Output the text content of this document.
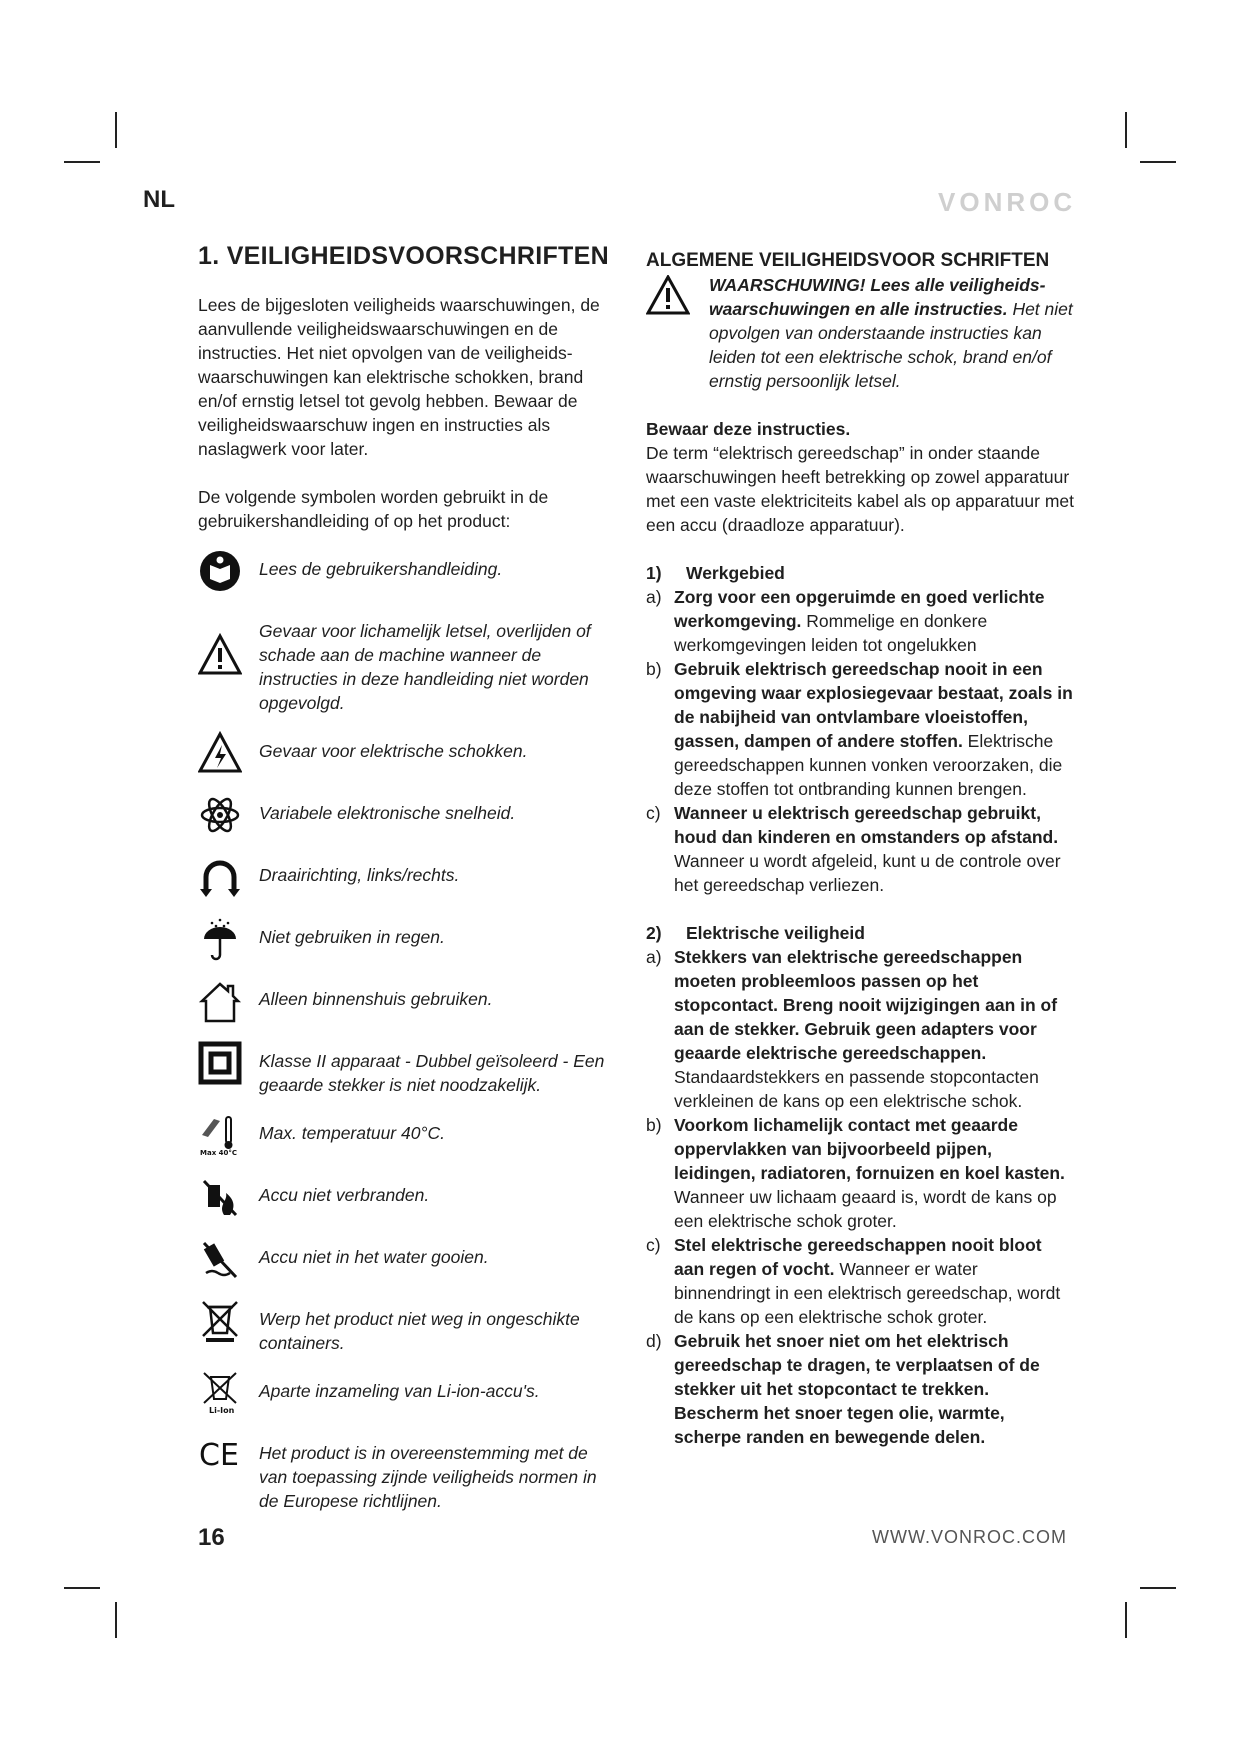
NL	VONROC
1. VEILIGHEIDSVOORSCHRIFTEN

Lees de bijgesloten veiligheids waarschuwingen, de aanvullende veiligheidswaarschuwingen en de instructies. Het niet opvolgen van de veiligheids-waarschuwingen kan elektrische schokken, brand en/of ernstig letsel tot gevolg hebben. Bewaar de veiligheidswaarschuw ingen en instructies als naslagwerk voor later.

De volgende symbolen worden gebruikt in de gebruikershandleiding of op het product:

Lees de gebruikershandleiding.
Gevaar voor lichamelijk letsel, overlijden of schade aan de machine wanneer de instructies in deze handleiding niet worden opgevolgd.
Gevaar voor elektrische schokken.
Variabele elektronische snelheid.
Draairichting, links/rechts.
Niet gebruiken in regen.
Alleen binnenshuis gebruiken.
Klasse II apparaat - Dubbel geïsoleerd - Een geaarde stekker is niet noodzakelijk.
Max 40°C
Max. temperatuur 40°C.
Accu niet verbranden.
Accu niet in het water gooien.
Werp het product niet weg in ongeschikte containers.
Li-Ion
Aparte inzameling van Li-ion-accu's.
CE Het product is in overeenstemming met de van toepassing zijnde veiligheids normen in de Europese richtlijnen.
ALGEMENE VEILIGHEIDSVOOR SCHRIFTEN
WAARSCHUWING! Lees alle veiligheids-waarschuwingen en alle instructies. Het niet opvolgen van onderstaande instructies kan leiden tot een elektrische schok, brand en/of ernstig persoonlijk letsel.

Bewaar deze instructies.

De term “elektrisch gereedschap” in onder staande waarschuwingen heeft betrekking op zowel apparatuur met een vaste elektriciteits kabel als op apparatuur met een accu (draadloze apparatuur).

1)	Werkgebied
a) Zorg voor een opgeruimde en goed verlichte werkomgeving. Rommelige en donkere werkomgevingen leiden tot ongelukken
b) Gebruik elektrisch gereedschap nooit in een omgeving waar explosiegevaar bestaat, zoals in de nabijheid van ontvlambare vloeistoffen, gassen, dampen of andere stoffen. Elektrische gereedschappen kunnen vonken veroorzaken, die deze stoffen tot ontbranding kunnen brengen.
c) Wanneer u elektrisch gereedschap gebruikt, houd dan kinderen en omstanders op afstand. Wanneer u wordt afgeleid, kunt u de controle over het gereedschap verliezen.
2)	Elektrische veiligheid
a) Stekkers van elektrische gereedschappen moeten probleemloos passen op het stopcontact. Breng nooit wijzigingen aan in of aan de stekker. Gebruik geen adapters voor geaarde elektrische gereedschappen. Standaardstekkers en passende stopcontacten verkleinen de kans op een elektrische schok.
b) Voorkom lichamelijk contact met geaarde oppervlakken van bijvoorbeeld pijpen, leidingen, radiatoren, fornuizen en koel kasten. Wanneer uw lichaam geaard is, wordt de kans op een elektrische schok groter.
c) Stel elektrische gereedschappen nooit bloot aan regen of vocht. Wanneer er water binnendringt in een elektrisch gereedschap, wordt de kans op een elektrische schok groter.
d) Gebruik het snoer niet om het elektrisch gereedschap te dragen, te verplaatsen of de stekker uit het stopcontact te trekken. Bescherm het snoer tegen olie, warmte, scherpe randen en bewegende delen.
16	WWW.VONROC.COM
